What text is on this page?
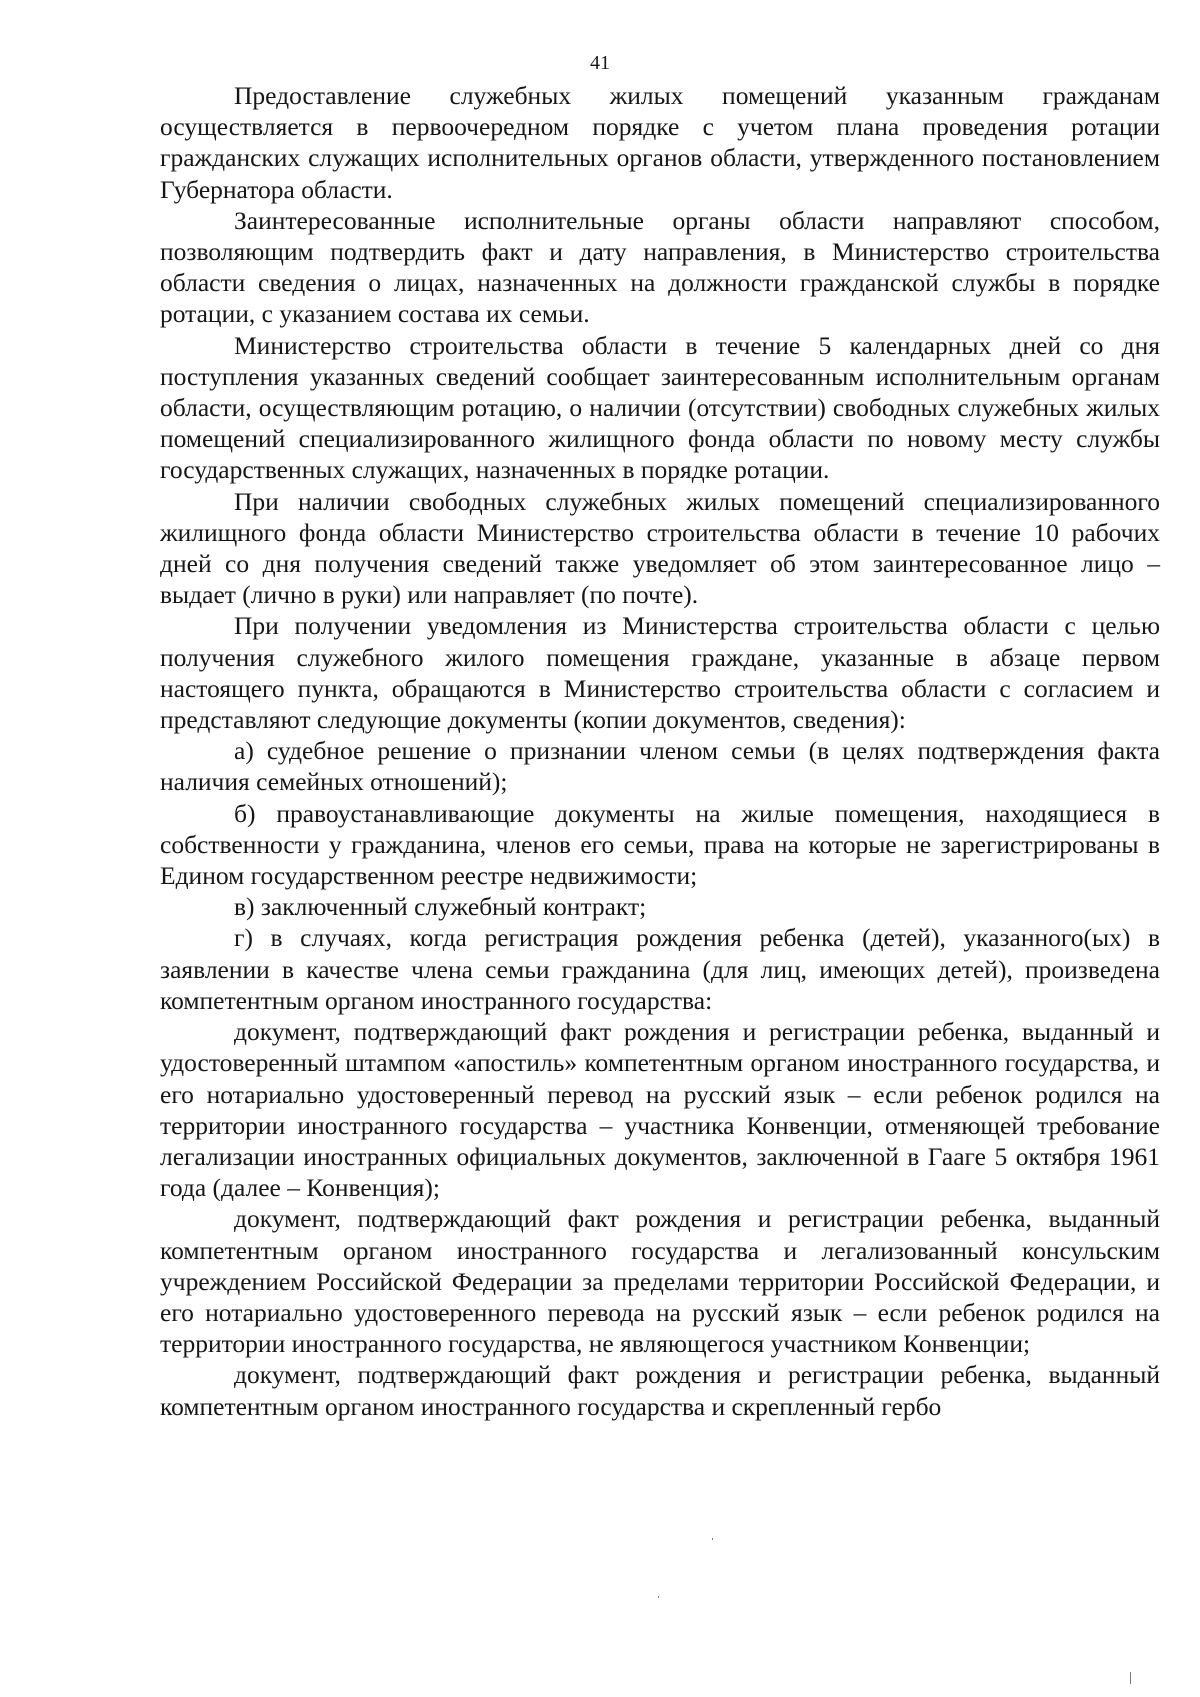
41

Предоставление служебных жилых помещений указанным гражданам осуществляется в первоочередном порядке с учетом плана проведения ротации гражданских служащих исполнительных органов области, утвержденного постановлением Губернатора области.

Заинтересованные исполнительные органы области направляют способом, позволяющим подтвердить факт и дату направления, в Министерство строительства области сведения о лицах, назначенных на должности гражданской службы в порядке ротации, с указанием состава их семьи.

Министерство строительства области в течение 5 календарных дней со дня поступления указанных сведений сообщает заинтересованным исполнительным органам области, осуществляющим ротацию, о наличии (отсутствии) свободных служебных жилых помещений специализированного жилищного фонда области по новому месту службы государственных служащих, назначенных в порядке ротации.

При наличии свободных служебных жилых помещений специализированного жилищного фонда области Министерство строительства области в течение 10 рабочих дней со дня получения сведений также уведомляет об этом заинтересованное лицо – выдает (лично в руки) или направляет (по почте).

При получении уведомления из Министерства строительства области с целью получения служебного жилого помещения граждане, указанные в абзаце первом настоящего пункта, обращаются в Министерство строительства области с согласием и представляют следующие документы (копии документов, сведения):

а) судебное решение о признании членом семьи (в целях подтверждения факта наличия семейных отношений);

б) правоустанавливающие документы на жилые помещения, находящиеся в собственности у гражданина, членов его семьи, права на которые не зарегистрированы в Едином государственном реестре недвижимости;

в) заключенный служебный контракт;

г) в случаях, когда регистрация рождения ребенка (детей), указанного(ых) в заявлении в качестве члена семьи гражданина (для лиц, имеющих детей), произведена компетентным органом иностранного государства:

документ, подтверждающий факт рождения и регистрации ребенка, выданный и удостоверенный штампом «апостиль» компетентным органом иностранного государства, и его нотариально удостоверенный перевод на русский язык – если ребенок родился на территории иностранного государства – участника Конвенции, отменяющей требование легализации иностранных официальных документов, заключенной в Гааге 5 октября 1961 года (далее – Конвенция);

документ, подтверждающий факт рождения и регистрации ребенка, выданный компетентным органом иностранного государства и легализованный консульским учреждением Российской Федерации за пределами территории Российской Федерации, и его нотариально удостоверенного перевода на русский язык – если ребенок родился на территории иностранного государства, не являющегося участником Конвенции;

документ, подтверждающий факт рождения и регистрации ребенка, выданный компетентным органом иностранного государства и скрепленный гербо
